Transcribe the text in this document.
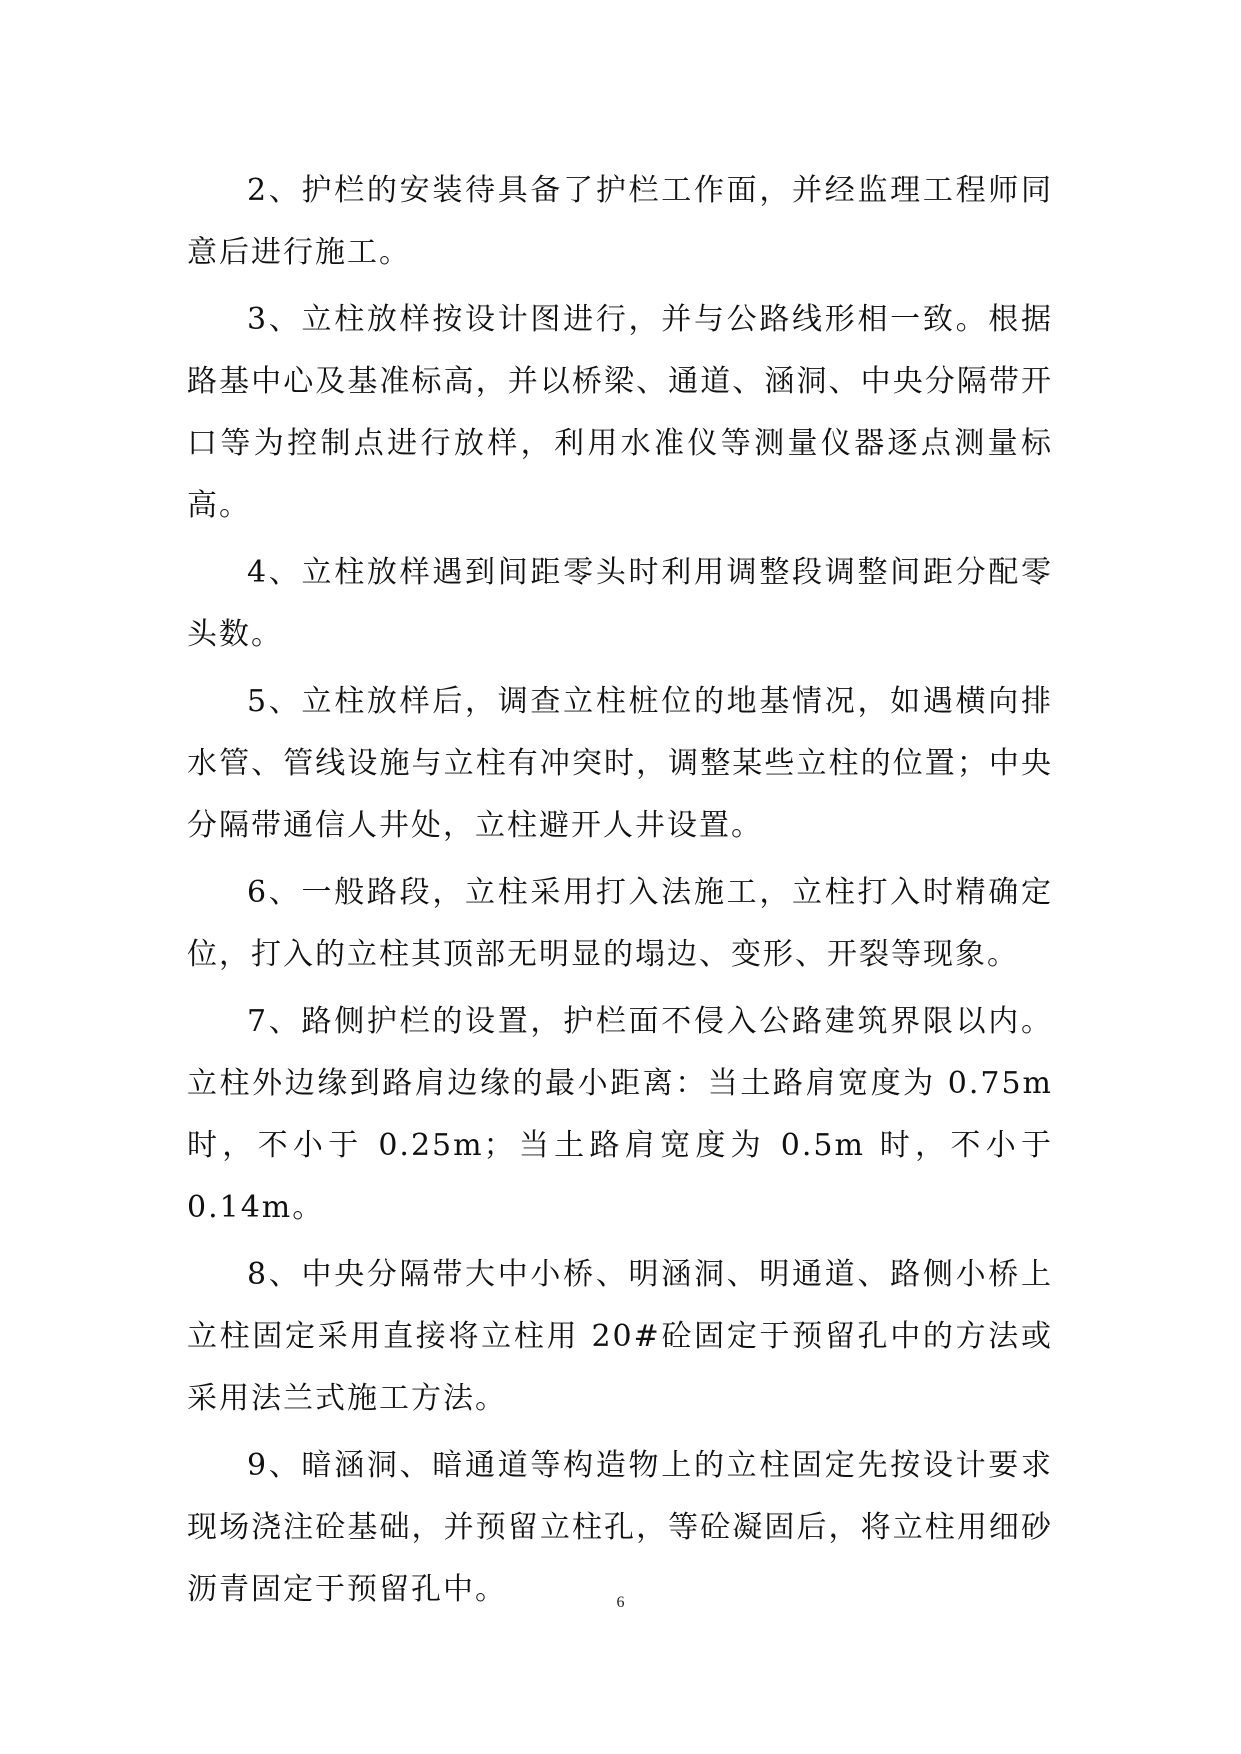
2、护栏的安装待具备了护栏工作面，并经监理工程师同意后进行施工。

3、立柱放样按设计图进行，并与公路线形相一致。根据路基中心及基准标高，并以桥梁、通道、涵洞、中央分隔带开口等为控制点进行放样，利用水准仪等测量仪器逐点测量标高。

4、立柱放样遇到间距零头时利用调整段调整间距分配零头数。

5、立柱放样后，调查立柱桩位的地基情况，如遇横向排水管、管线设施与立柱有冲突时，调整某些立柱的位置；中央分隔带通信人井处，立柱避开人井设置。

6、一般路段，立柱采用打入法施工，立柱打入时精确定位，打入的立柱其顶部无明显的塌边、变形、开裂等现象。

7、路侧护栏的设置，护栏面不侵入公路建筑界限以内。立柱外边缘到路肩边缘的最小距离：当土路肩宽度为 0.75m 时，不小于 0.25m；当土路肩宽度为 0.5m 时，不小于 0.14m。

8、中央分隔带大中小桥、明涵洞、明通道、路侧小桥上立柱固定采用直接将立柱用 20#砼固定于预留孔中的方法或采用法兰式施工方法。

9、暗涵洞、暗通道等构造物上的立柱固定先按设计要求现场浇注砼基础，并预留立柱孔，等砼凝固后，将立柱用细砂沥青固定于预留孔中。	6
